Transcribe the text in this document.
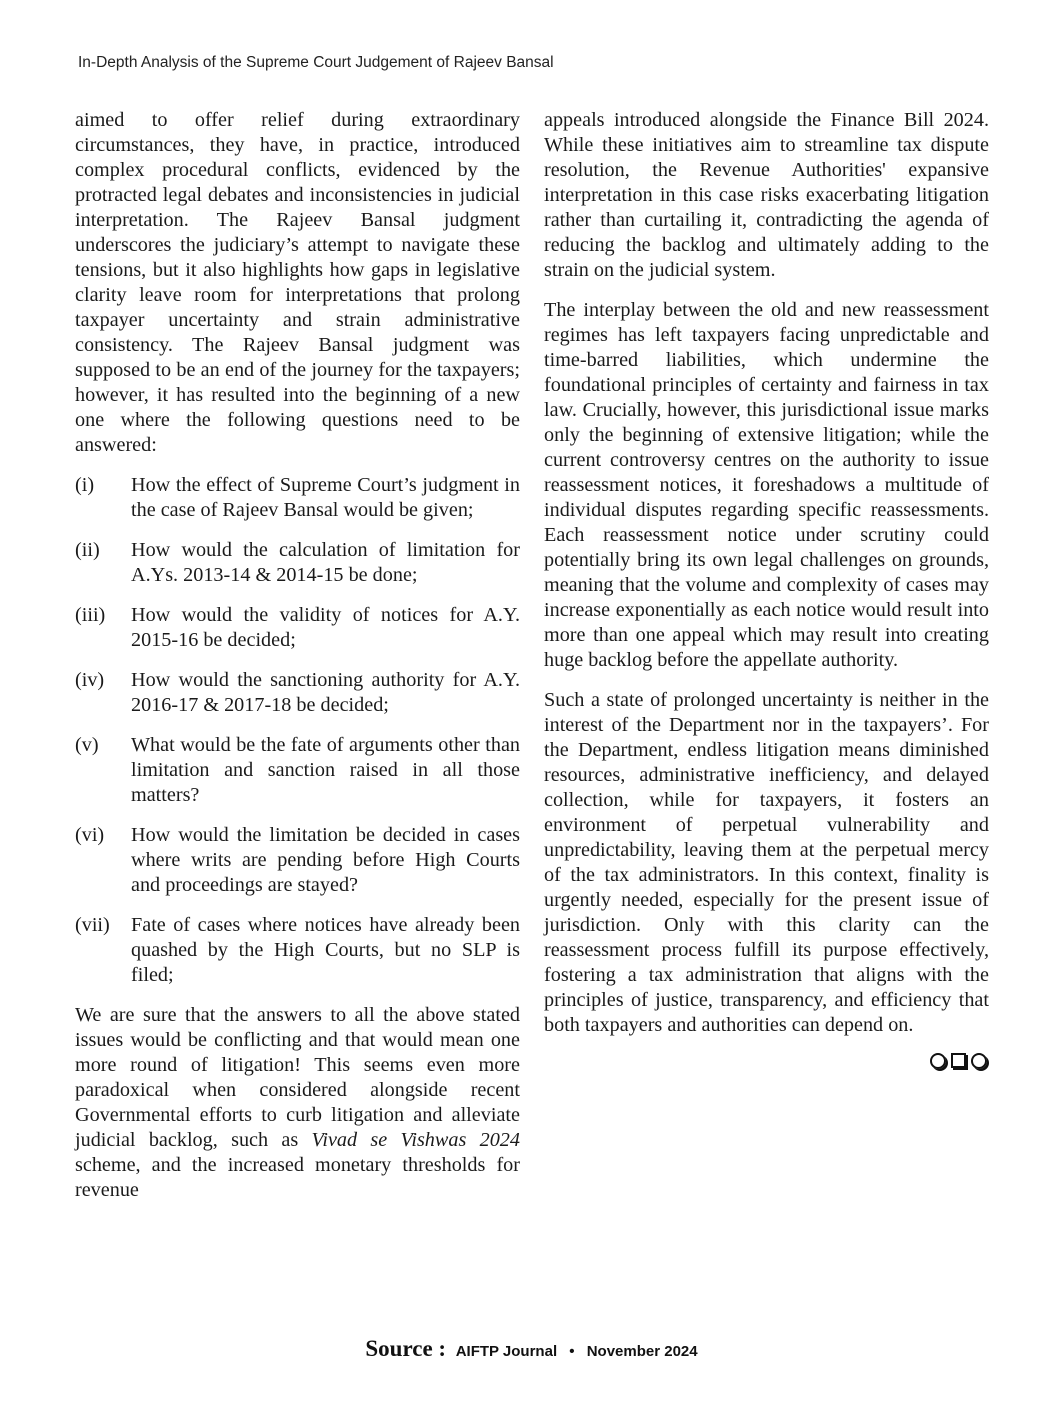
In-Depth Analysis of the Supreme Court Judgement of Rajeev Bansal

aimed to offer relief during extraordinary circumstances, they have, in practice, introduced complex procedural conflicts, evidenced by the protracted legal debates and inconsistencies in judicial interpretation. The Rajeev Bansal judgment underscores the judiciary’s attempt to navigate these tensions, but it also highlights how gaps in legislative clarity leave room for interpretations that prolong taxpayer uncertainty and strain administrative consistency. The Rajeev Bansal judgment was supposed to be an end of the journey for the taxpayers; however, it has resulted into the beginning of a new one where the following questions need to be answered:

(i)	How the effect of Supreme Court’s judgment in the case of Rajeev Bansal would be given;
(ii)	How would the calculation of limitation for A.Ys. 2013-14 & 2014-15 be done;
(iii)	How would the validity of notices for A.Y. 2015-16 be decided;
(iv)	How would the sanctioning authority for A.Y. 2016-17 & 2017-18 be decided;
(v)	What would be the fate of arguments other than limitation and sanction raised in all those matters?
(vi)	How would the limitation be decided in cases where writs are pending before High Courts and proceedings are stayed?
(vii)	Fate of cases where notices have already been quashed by the High Courts, but no SLP is filed;

We are sure that the answers to all the above stated issues would be conflicting and that would mean one more round of litigation! This seems even more paradoxical when considered alongside recent Governmental efforts to curb litigation and alleviate judicial backlog, such as Vivad se Vishwas 2024 scheme, and the increased monetary thresholds for revenue

appeals introduced alongside the Finance Bill 2024. While these initiatives aim to streamline tax dispute resolution, the Revenue Authorities' expansive interpretation in this case risks exacerbating litigation rather than curtailing it, contradicting the agenda of reducing the backlog and ultimately adding to the strain on the judicial system.

The interplay between the old and new reassessment regimes has left taxpayers facing unpredictable and time-barred liabilities, which undermine the foundational principles of certainty and fairness in tax law. Crucially, however, this jurisdictional issue marks only the beginning of extensive litigation; while the current controversy centres on the authority to issue reassessment notices, it foreshadows a multitude of individual disputes regarding specific reassessments. Each reassessment notice under scrutiny could potentially bring its own legal challenges on grounds, meaning that the volume and complexity of cases may increase exponentially as each notice would result into more than one appeal which may result into creating huge backlog before the appellate authority.

Such a state of prolonged uncertainty is neither in the interest of the Department nor in the taxpayers’. For the Department, endless litigation means diminished resources, administrative inefficiency, and delayed collection, while for taxpayers, it fosters an environment of perpetual vulnerability and unpredictability, leaving them at the perpetual mercy of the tax administrators. In this context, finality is urgently needed, especially for the present issue of jurisdiction. Only with this clarity can the reassessment process fulfill its purpose effectively, fostering a tax administration that aligns with the principles of justice, transparency, and efficiency that both taxpayers and authorities can depend on.

Source : AIFTP Journal • November 2024
